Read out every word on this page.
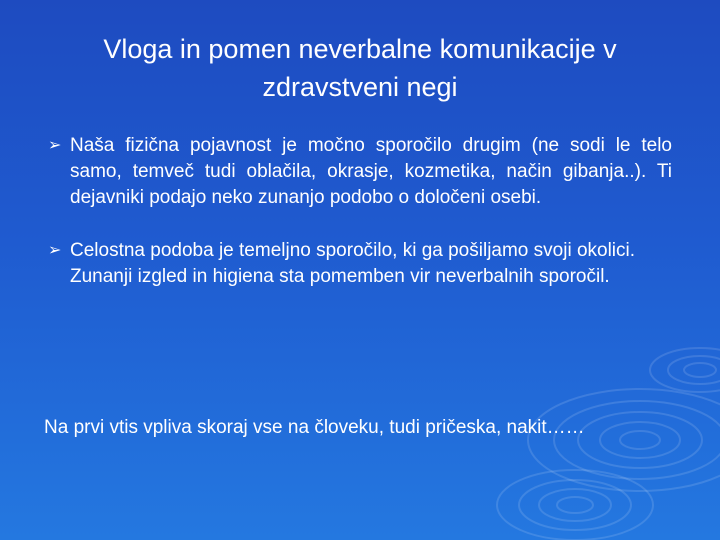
Vloga in pomen neverbalne komunikacije v zdravstveni negi
➢ Naša fizična pojavnost je močno sporočilo drugim (ne sodi le telo samo, temveč tudi oblačila, okrasje, kozmetika, način gibanja..). Ti dejavniki podajo neko zunanjo podobo o določeni osebi.
➢ Celostna podoba je temeljno sporočilo, ki ga pošiljamo svoji okolici. Zunanji izgled in higiena sta pomemben vir neverbalnih sporočil.

Na prvi vtis vpliva skoraj vse na človeku, tudi pričeska, nakit……
